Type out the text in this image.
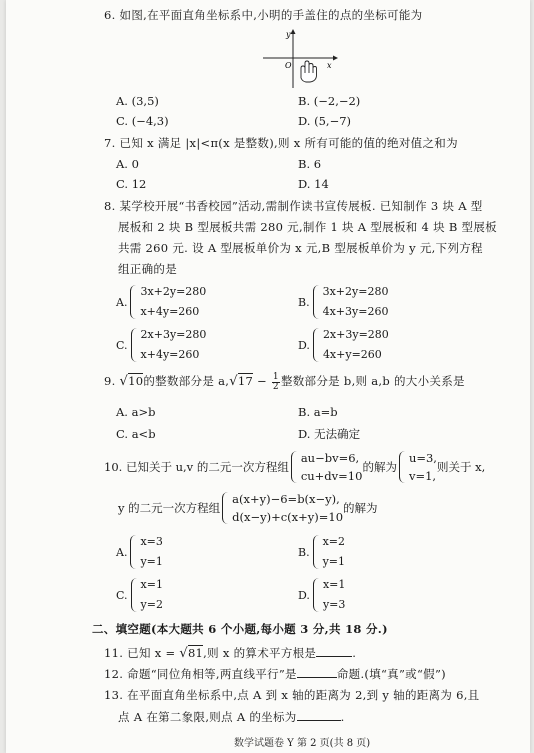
6. 如图,在平面直角坐标系中,小明的手盖住的点的坐标可能为
y
x
O
A. (3,5)	B. (−2,−2)
C. (−4,3)	D. (5,−7)
7. 已知 x 满足 |x|<π(x 是整数),则 x 所有可能的值的绝对值之和为
A. 0	B. 6
C. 12	D. 14
8. 某学校开展“书香校园”活动,需制作读书宣传展板. 已知制作 3 块 A 型
展板和 2 块 B 型展板共需 280 元,制作 1 块 A 型展板和 4 块 B 型展板
共需 260 元. 设 A 型展板单价为 x 元,B 型展板单价为 y 元,下列方程
组正确的是
A.
3x+2y=280
x+4y=260
B.
3x+2y=280
4x+3y=260
C.
2x+3y=280
x+4y=260
D.
2x+3y=280
4x+y=260
9. √
10的整数部分是 a,√
$17 - \frac{1}{2}$ 整数部分是 b,则 a,b 的大小关系是
A. a>b	B. a=b
C. a<b	D. 无法确定
10. 已知关于 u,v 的二元一次方程组
au−bv=6,
cu+dv=10
的解为
u=3,
v=1,
则关于 x,
y 的二元一次方程组
a(x+y)−6=b(x−y),
d(x−y)+c(x+y)=10
的解为
A.
x=3
y=1
B.
x=2
y=1
C.
x=1
y=2
D.
x=1
y=3
二、填空题(本大题共 6 个小题,每小题 3 分,共 18 分.)
11. 已知 x = √
81,则 x 的算术平方根是	.
12. 命题“同位角相等,两直线平行”是	命题.(填“真”或“假”)
13. 在平面直角坐标系中,点 A 到 x 轴的距离为 2,到 y 轴的距离为 6,且
点 A 在第二象限,则点 A 的坐标为	.
数学试题卷 Y 第 2 页(共 8 页)
